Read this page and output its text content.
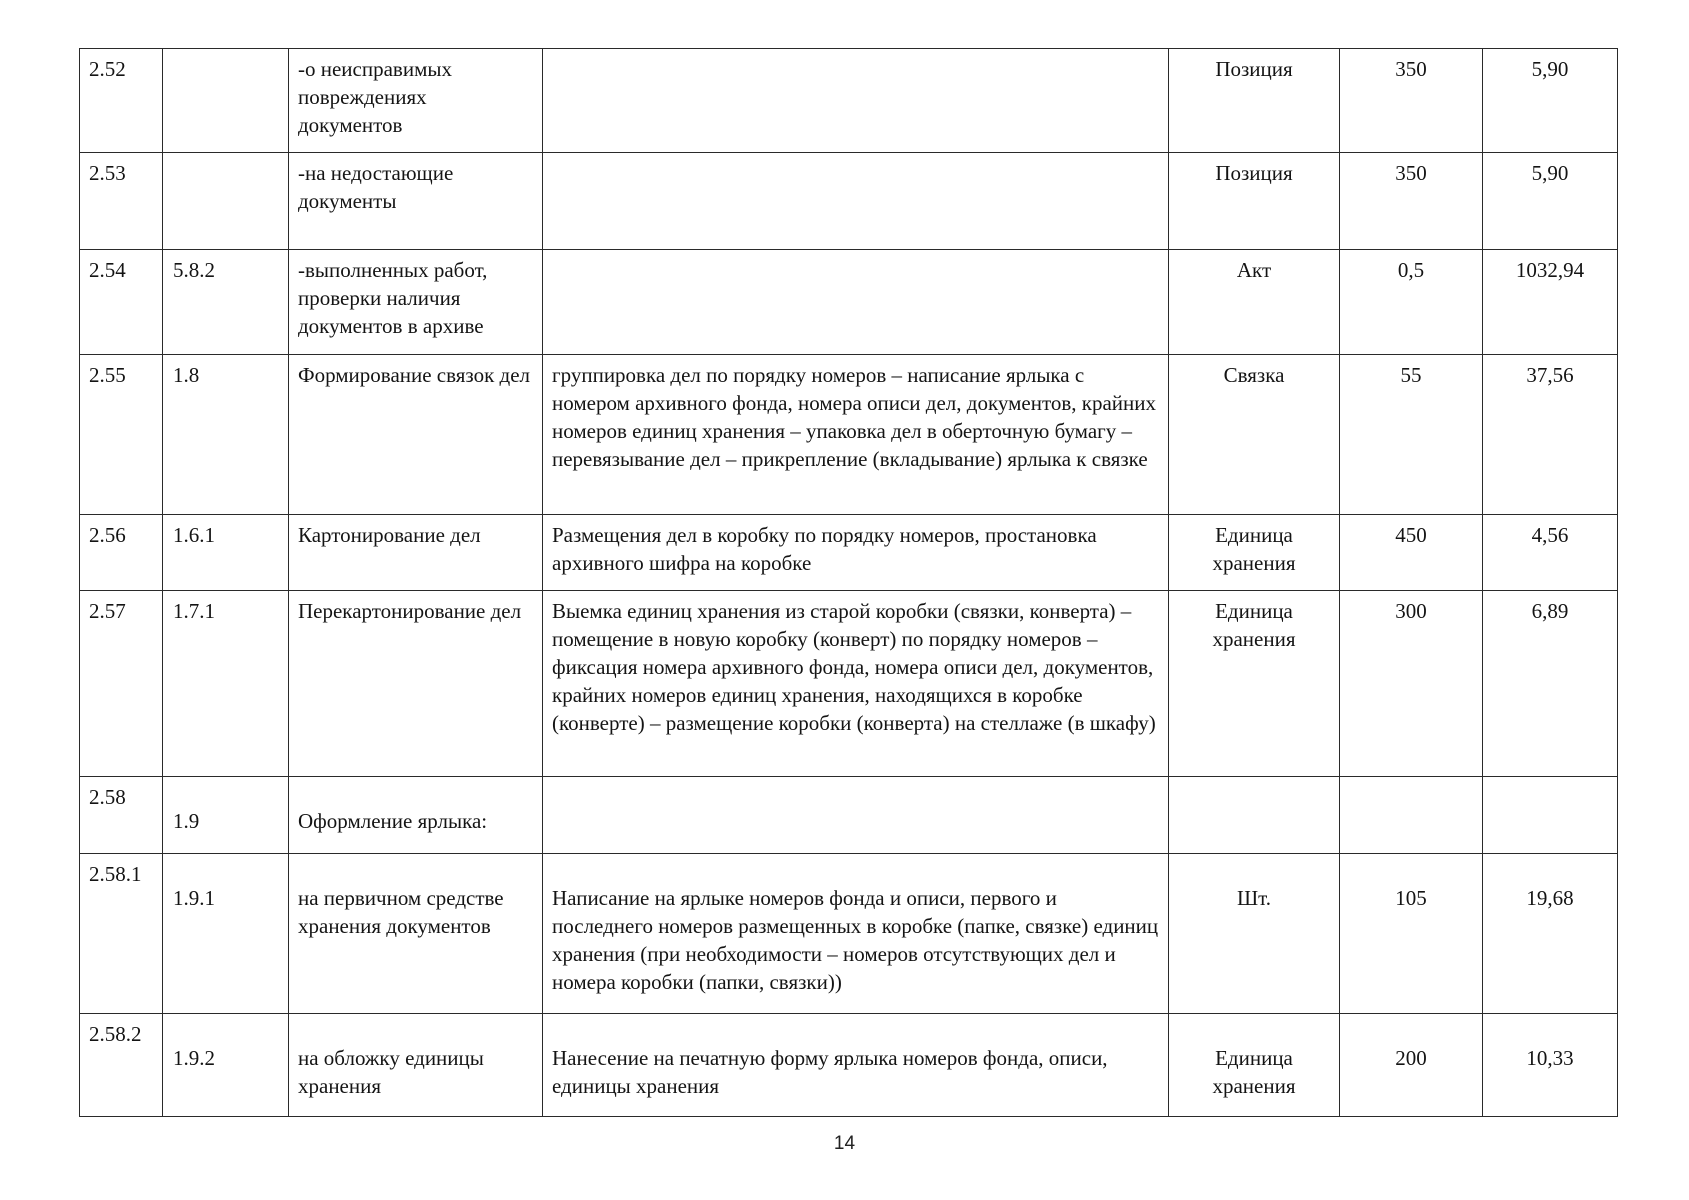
2.52		-о неисправимых повреждениях документов		Позиция	350	5,90
2.53		-на недостающие документы		Позиция	350	5,90
2.54	5.8.2	-выполненных работ, проверки наличия документов в архиве		Акт	0,5	1032,94
2.55	1.8	Формирование связок дел	группировка дел по порядку номеров – написание ярлыка с номером архивного фонда, номера описи дел, документов, крайних номеров единиц хранения – упаковка дел в оберточную бумагу – перевязывание дел – прикрепление (вкладывание) ярлыка к связке	Связка	55	37,56
2.56	1.6.1	Картонирование дел	Размещения дел в коробку по порядку номеров, простановка архивного шифра на коробке	Единица хранения	450	4,56
2.57	1.7.1	Перекартонирование дел	Выемка единиц хранения из старой коробки (связки, конверта) – помещение в новую коробку (конверт) по порядку номеров – фиксация номера архивного фонда, номера описи дел, документов, крайних номеров единиц хранения, находящихся в коробке (конверте) – размещение коробки (конверта) на стеллаже (в шкафу)	Единица хранения	300	6,89
2.58	1.9	Оформление ярлыка:				
2.58.1	1.9.1	на первичном средстве хранения документов	Написание на ярлыке номеров фонда и описи, первого и последнего номеров размещенных в коробке (папке, связке) единиц хранения (при необходимости – номеров отсутствующих дел и номера коробки (папки, связки))	Шт.	105	19,68
2.58.2	1.9.2	на обложку единицы хранения	Нанесение на печатную форму ярлыка номеров фонда, описи, единицы хранения	Единица хранения	200	10,33
14
